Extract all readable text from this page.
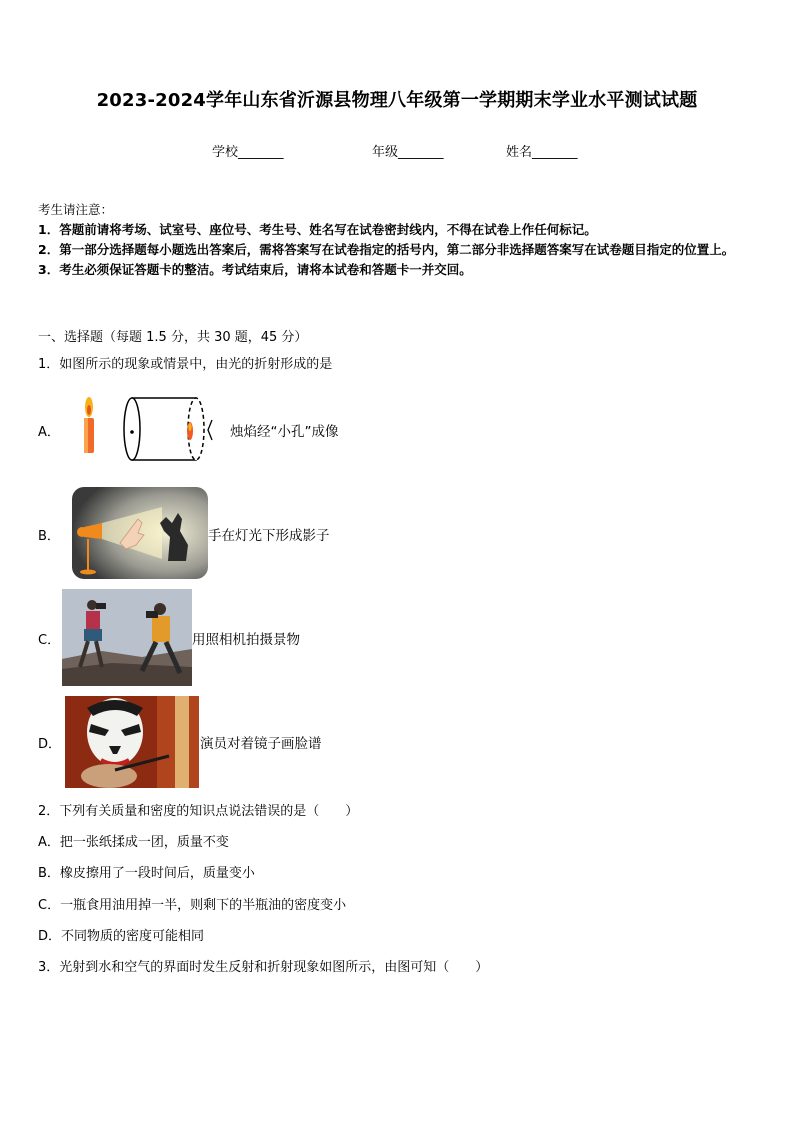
2023-2024学年山东省沂源县物理八年级第一学期期末学业水平测试试题
学校_______	年级_______	姓名_______
考生请注意：
1．答题前请将考场、试室号、座位号、考生号、姓名写在试卷密封线内，不得在试卷上作任何标记。
2．第一部分选择题每小题选出答案后，需将答案写在试卷指定的括号内，第二部分非选择题答案写在试卷题目指定的位置上。
3．考生必须保证答题卡的整洁。考试结束后，请将本试卷和答题卡一并交回。
一、选择题（每题 1.5 分，共 30 题，45 分）
1．如图所示的现象或情景中，由光的折射形成的是
A．	烛焰经“小孔”成像
B．	手在灯光下形成影子
C．	用照相机拍摄景物
D．	演员对着镜子画脸谱
2．下列有关质量和密度的知识点说法错误的是（　　）
A．把一张纸揉成一团，质量不变
B．橡皮擦用了一段时间后，质量变小
C．一瓶食用油用掉一半，则剩下的半瓶油的密度变小
D．不同物质的密度可能相同
3．光射到水和空气的界面时发生反射和折射现象如图所示，由图可知（　　）
